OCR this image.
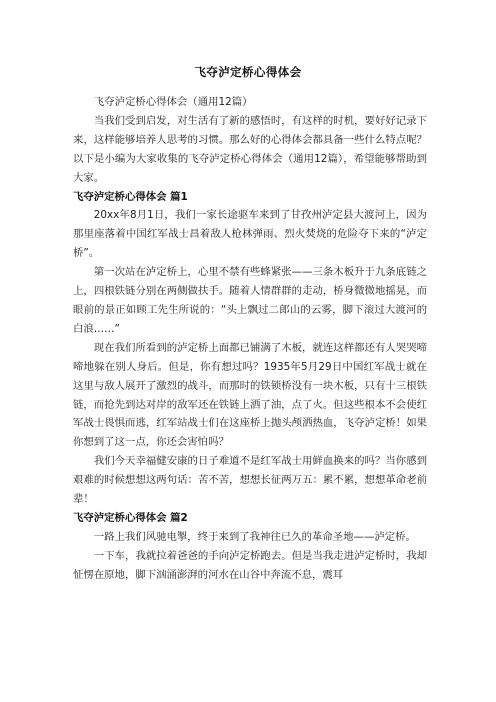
飞夺泸定桥心得体会

飞夺泸定桥心得体会（通用12篇）

当我们受到启发，对生活有了新的感悟时，有这样的时机，要好好记录下来，这样能够培养人思考的习惯。那么好的心得体会都具备一些什么特点呢？以下是小编为大家收集的飞夺泸定桥心得体会（通用12篇），希望能够帮助到大家。

飞夺泸定桥心得体会 篇1

20xx年8月1日，我们一家长途驱车来到了甘孜州泸定县大渡河上，因为那里座落着中国红军战士昌着敌人枪林弹雨、烈火焚烧的危险夺下来的“泸定桥”。

第一次站在泸定桥上，心里不禁有些蜂紧张——三条木板升于九条底链之上，四根铁链分别在两侧做扶手。随着人情群群的走动，桥身微微地摇晃，而眼前的景正如顾工先生所说的：“头上飘过二郎山的云雾，脚下滚过大渡河的白浪……”

现在我们所看到的泸定桥上面都已铺满了木板，就连这样都还有人哭哭啼啼地躲在别人身后。但是，你有想过吗？1935年5月29日中国红军战士就在这里与敌人展开了激烈的战斗，而那时的铁锁桥没有一块木板，只有十三根铁链，而抢先到达对岸的敌军还在铁链上洒了油，点了火。但这些根本不会使红军战士畏惧而逃，红军站战士们在这座桥上抛头颅洒热血，飞夺泸定桥！如果你想到了这一点，你还会害怕吗？

我们今天幸福健安康的日子难道不是红军战士用鲜血换来的吗？当你感到艰难的时候想想这两句话：苦不苦，想想长征两万五：累不累，想想革命老前辈！

飞夺泸定桥心得体会 篇2

一路上我们风驰电掣，终于来到了我神往已久的革命圣地——泸定桥。

一下车，我就拉着爸爸的手向泸定桥跑去。但是当我走进泸定桥时，我却怔愣在原地，脚下汹涌澎湃的河水在山谷中奔流不息，震耳
